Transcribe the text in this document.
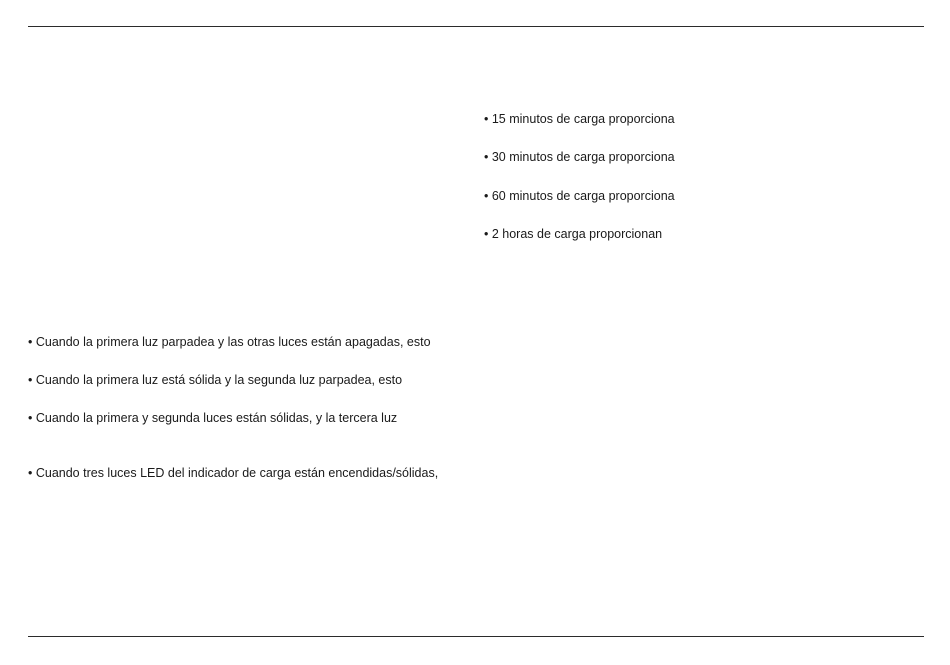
• 15 minutos de carga proporciona
• 30 minutos de carga proporciona
• 60 minutos de carga proporciona
• 2 horas de carga proporcionan
• Cuando la primera luz parpadea y las otras luces están apagadas, esto
• Cuando la primera luz está sólida y la segunda luz parpadea, esto
• Cuando la primera y segunda luces están sólidas, y la tercera luz
• Cuando tres luces LED del indicador de carga están encendidas/sólidas,
